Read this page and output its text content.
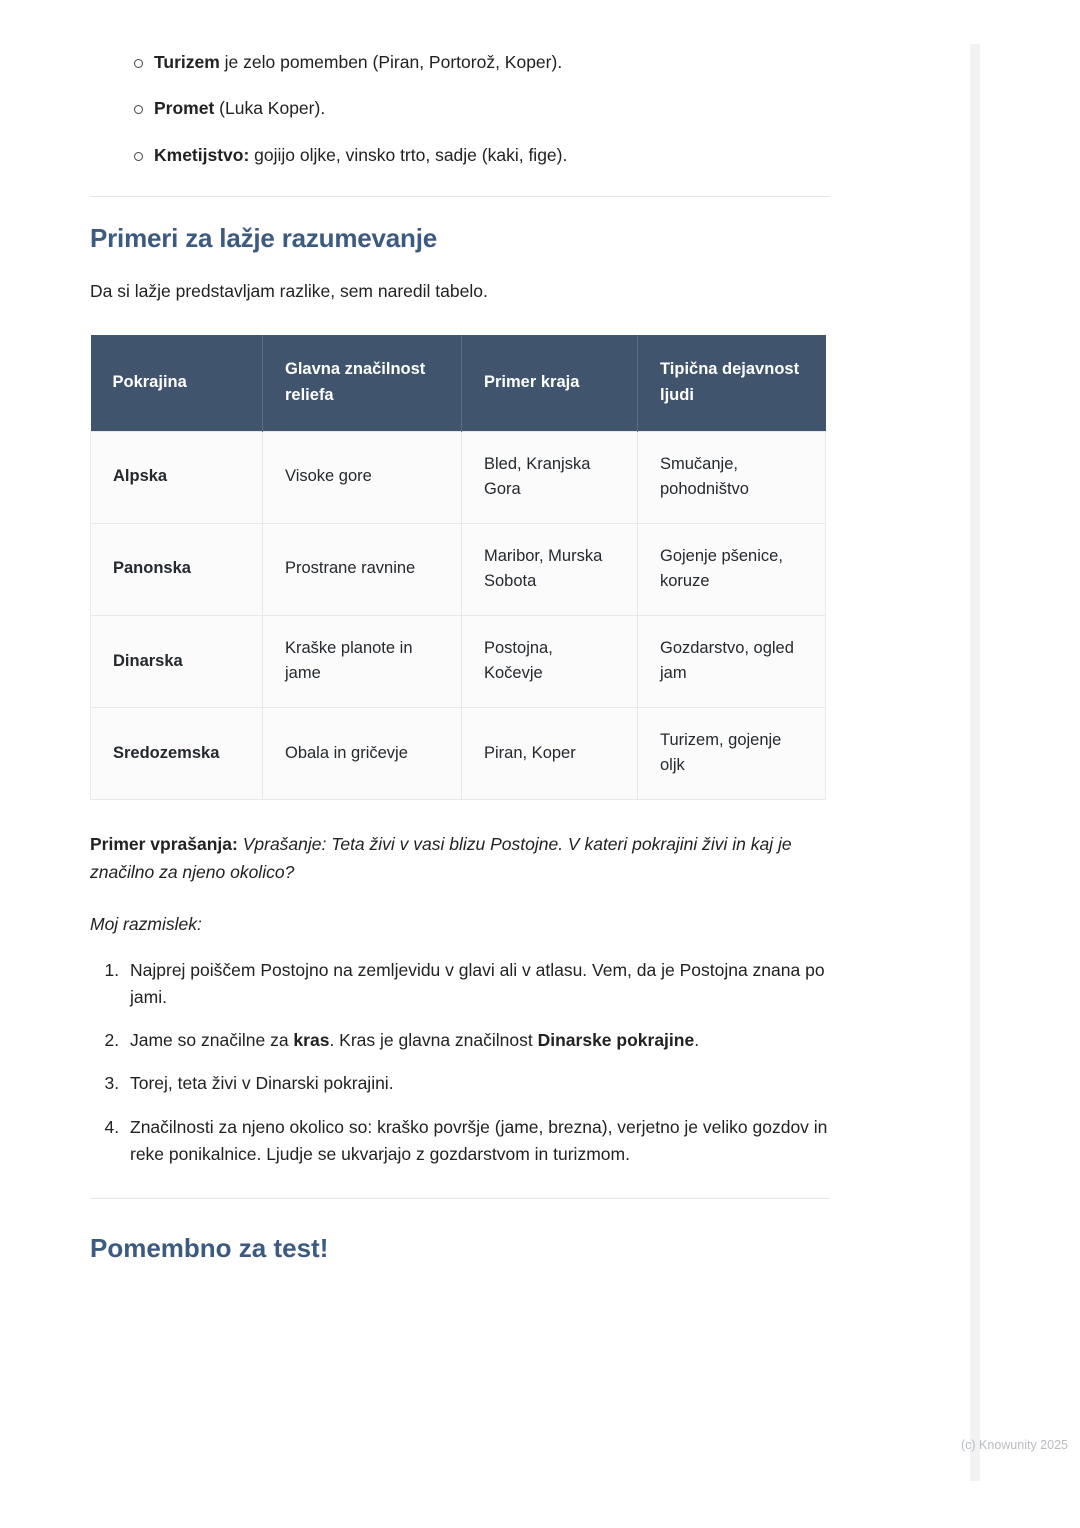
Turizem je zelo pomemben (Piran, Portorož, Koper).
Promet (Luka Koper).
Kmetijstvo: gojijo oljke, vinsko trto, sadje (kaki, fige).
Primeri za lažje razumevanje

Da si lažje predstavljam razlike, sem naredil tabelo.

Pokrajina	Glavna značilnost reliefa	Primer kraja	Tipična dejavnost ljudi
Alpska	Visoke gore	Bled, Kranjska Gora	Smučanje, pohodništvo
Panonska	Prostrane ravnine	Maribor, Murska Sobota	Gojenje pšenice, koruze
Dinarska	Kraške planote in jame	Postojna, Kočevje	Gozdarstvo, ogled jam
Sredozemska	Obala in gričevje	Piran, Koper	Turizem, gojenje oljk

Primer vprašanja: Vprašanje: Teta živi v vasi blizu Postojne. V kateri pokrajini živi in kaj je značilno za njeno okolico?

Moj razmislek:

1. Najprej poiščem Postojno na zemljevidu v glavi ali v atlasu. Vem, da je Postojna znana po jami.
2. Jame so značilne za kras. Kras je glavna značilnost Dinarske pokrajine.
3. Torej, teta živi v Dinarski pokrajini.
4. Značilnosti za njeno okolico so: kraško površje (jame, brezna), verjetno je veliko gozdov in reke ponikalnice. Ljudje se ukvarjajo z gozdarstvom in turizmom.
Pomembno za test!
(c) Knowunity 2025
